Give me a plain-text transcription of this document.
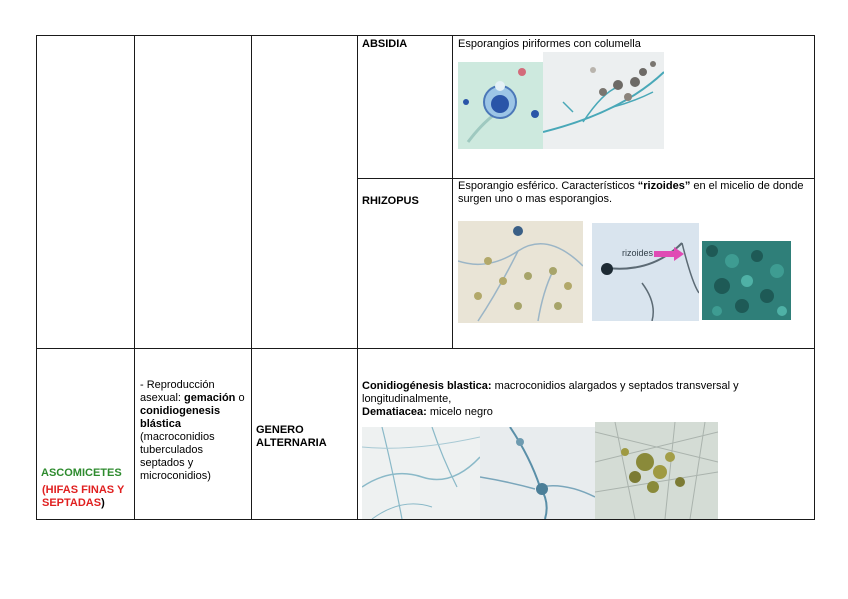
ABSIDIA	Esporangios piriformes con columella
RHIZOPUS
Esporangio esférico. Característicos “rizoides” en el micelio de donde surgen uno o mas esporangios.
rizoides
ASCOMICETES
(HIFAS FINAS Y SEPTADAS)
- Reproducción asexual: gemación o conidiogenesis blástica (macroconidios tuberculados septados y microconidios)
GENERO ALTERNARIA
Conidiogénesis blastica: macroconidios alargados y septados transversal y longitudinalmente,
Dematiacea: micelo negro
